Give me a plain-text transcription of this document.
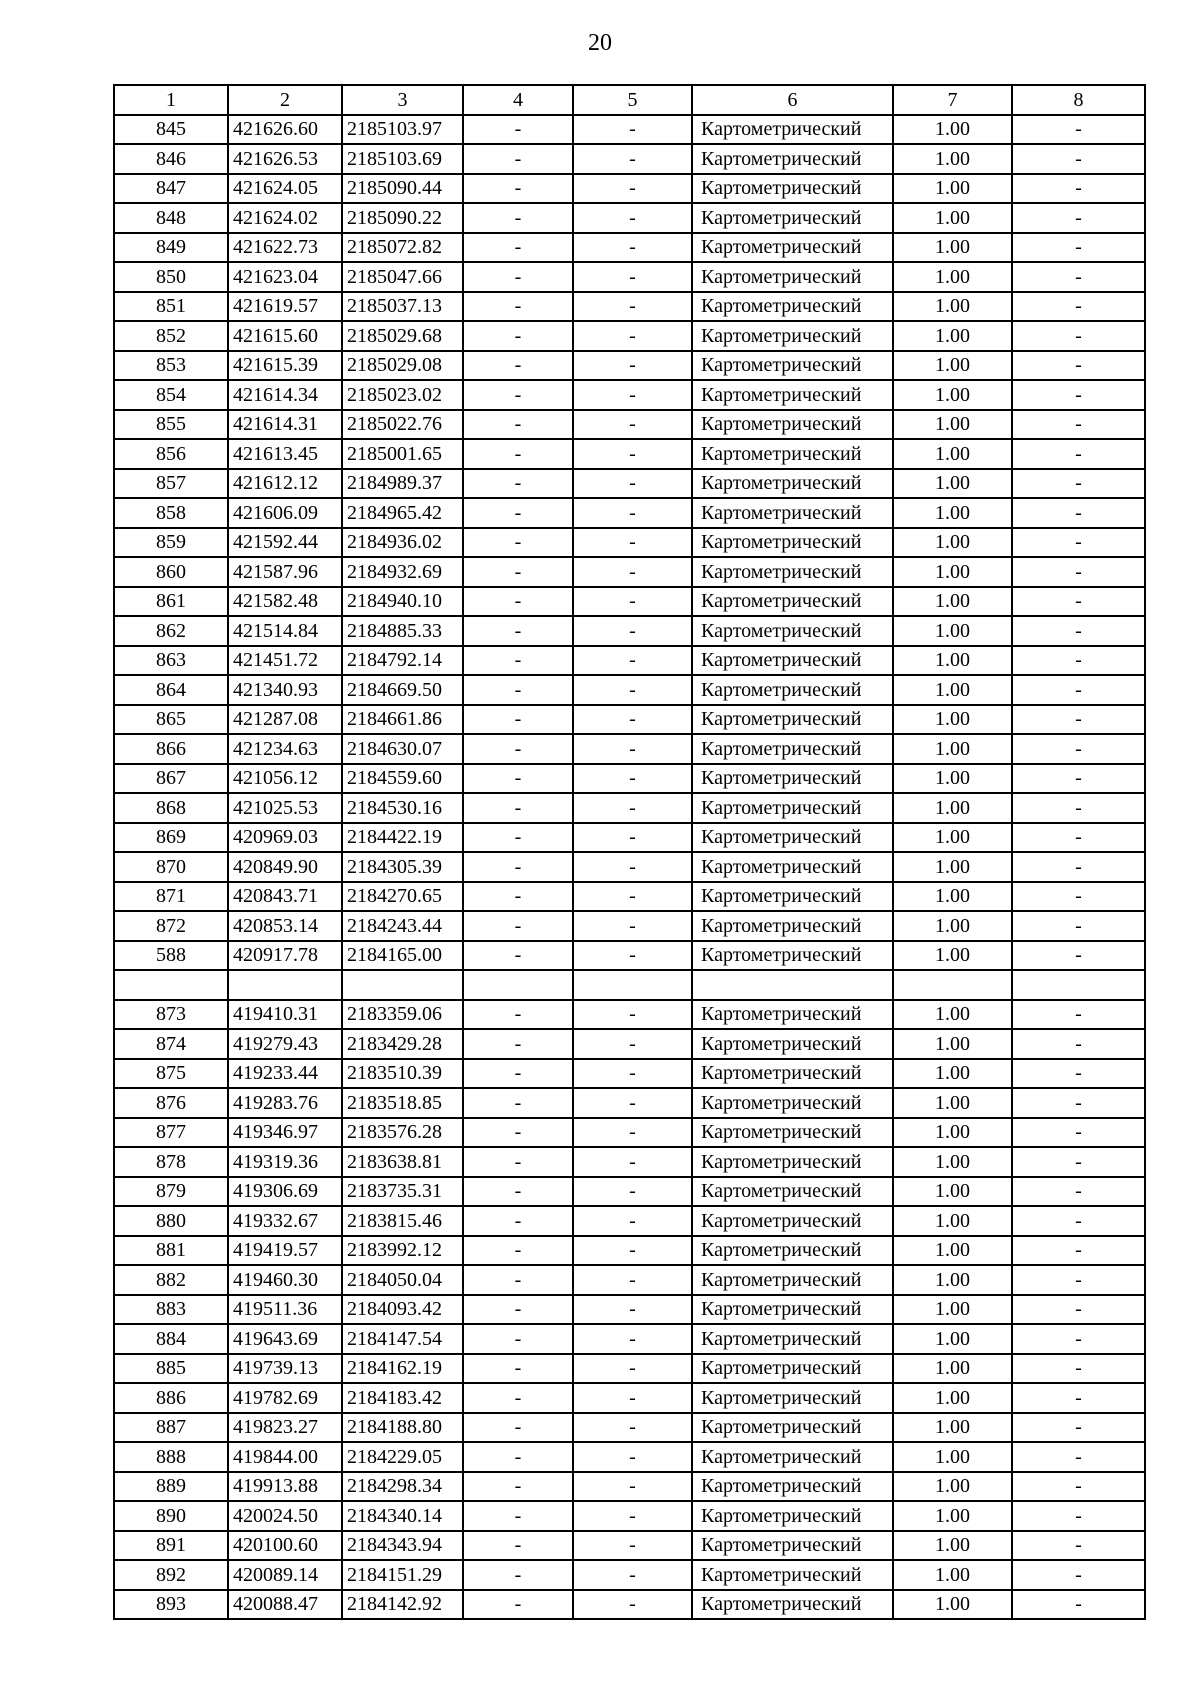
20
1	2	3	4	5	6	7	8
845	421626.60	2185103.97	-	-	Картометрический	1.00	-
846	421626.53	2185103.69	-	-	Картометрический	1.00	-
847	421624.05	2185090.44	-	-	Картометрический	1.00	-
848	421624.02	2185090.22	-	-	Картометрический	1.00	-
849	421622.73	2185072.82	-	-	Картометрический	1.00	-
850	421623.04	2185047.66	-	-	Картометрический	1.00	-
851	421619.57	2185037.13	-	-	Картометрический	1.00	-
852	421615.60	2185029.68	-	-	Картометрический	1.00	-
853	421615.39	2185029.08	-	-	Картометрический	1.00	-
854	421614.34	2185023.02	-	-	Картометрический	1.00	-
855	421614.31	2185022.76	-	-	Картометрический	1.00	-
856	421613.45	2185001.65	-	-	Картометрический	1.00	-
857	421612.12	2184989.37	-	-	Картометрический	1.00	-
858	421606.09	2184965.42	-	-	Картометрический	1.00	-
859	421592.44	2184936.02	-	-	Картометрический	1.00	-
860	421587.96	2184932.69	-	-	Картометрический	1.00	-
861	421582.48	2184940.10	-	-	Картометрический	1.00	-
862	421514.84	2184885.33	-	-	Картометрический	1.00	-
863	421451.72	2184792.14	-	-	Картометрический	1.00	-
864	421340.93	2184669.50	-	-	Картометрический	1.00	-
865	421287.08	2184661.86	-	-	Картометрический	1.00	-
866	421234.63	2184630.07	-	-	Картометрический	1.00	-
867	421056.12	2184559.60	-	-	Картометрический	1.00	-
868	421025.53	2184530.16	-	-	Картометрический	1.00	-
869	420969.03	2184422.19	-	-	Картометрический	1.00	-
870	420849.90	2184305.39	-	-	Картометрический	1.00	-
871	420843.71	2184270.65	-	-	Картометрический	1.00	-
872	420853.14	2184243.44	-	-	Картометрический	1.00	-
588	420917.78	2184165.00	-	-	Картометрический	1.00	-

873	419410.31	2183359.06	-	-	Картометрический	1.00	-
874	419279.43	2183429.28	-	-	Картометрический	1.00	-
875	419233.44	2183510.39	-	-	Картометрический	1.00	-
876	419283.76	2183518.85	-	-	Картометрический	1.00	-
877	419346.97	2183576.28	-	-	Картометрический	1.00	-
878	419319.36	2183638.81	-	-	Картометрический	1.00	-
879	419306.69	2183735.31	-	-	Картометрический	1.00	-
880	419332.67	2183815.46	-	-	Картометрический	1.00	-
881	419419.57	2183992.12	-	-	Картометрический	1.00	-
882	419460.30	2184050.04	-	-	Картометрический	1.00	-
883	419511.36	2184093.42	-	-	Картометрический	1.00	-
884	419643.69	2184147.54	-	-	Картометрический	1.00	-
885	419739.13	2184162.19	-	-	Картометрический	1.00	-
886	419782.69	2184183.42	-	-	Картометрический	1.00	-
887	419823.27	2184188.80	-	-	Картометрический	1.00	-
888	419844.00	2184229.05	-	-	Картометрический	1.00	-
889	419913.88	2184298.34	-	-	Картометрический	1.00	-
890	420024.50	2184340.14	-	-	Картометрический	1.00	-
891	420100.60	2184343.94	-	-	Картометрический	1.00	-
892	420089.14	2184151.29	-	-	Картометрический	1.00	-
893	420088.47	2184142.92	-	-	Картометрический	1.00	-
